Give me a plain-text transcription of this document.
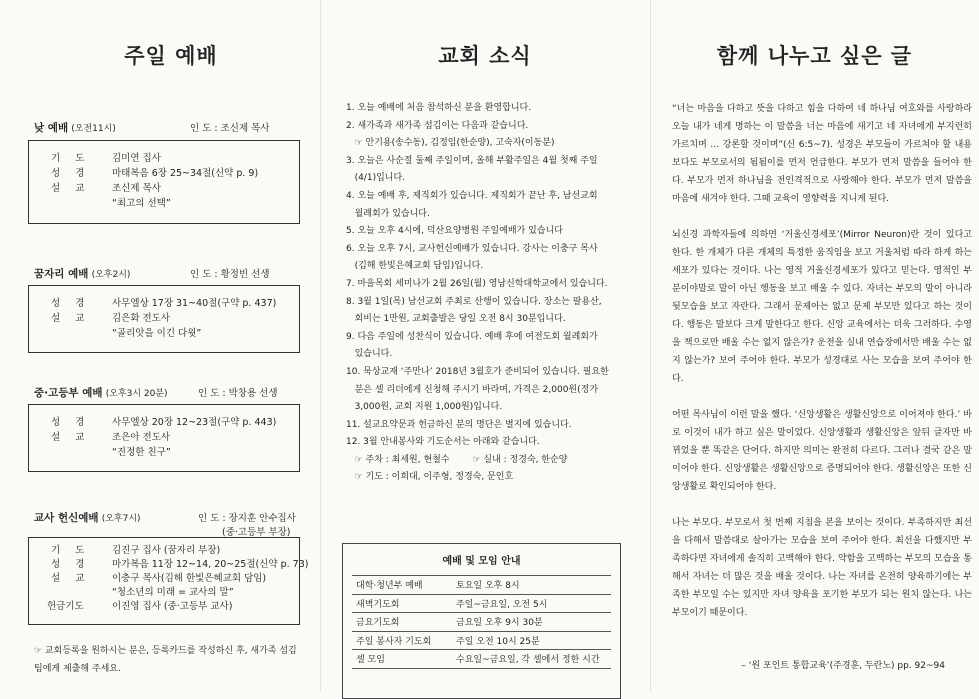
주일 예배
낮 예배 (오전11시)	인 도 : 조신제 목사
기 도 김미연 집사
성 경 마태복음 6장 25~34절(신약 p. 9)
설 교 조신제 목사
“최고의 선택”
꿈자리 예배 (오후2시)	인 도 : 황정빈 선생
성 경 사무엘상 17장 31~40절(구약 p. 437)
설 교 김은화 전도사
“골리앗을 이긴 다윗”
중·고등부 예배 (오후3시 20분)	인 도 : 박창용 선생
성 경 사무엘상 20장 12~23절(구약 p. 443)
설 교 조은아 전도사
“진정한 친구”
교사 헌신예배 (오후7시)	인 도 : 장지훈 안수집사
(중·고등부 부장)
기 도 김진구 집사 (꿈자리 부장)
성 경 마가복음 11장 12~14, 20~25절(신약 p. 73)
설 교 이충구 목사(김해 한빛은혜교회 담임)
“청소년의 미래 = 교사의 말”
헌금기도	이진영 집사 (중·고등부 교사)
☞ 교회등록을 원하시는 분은, 등록카드를 작성하신 후, 새가족 섬김팀에게 제출해 주세요.
교회 소식
1. 오늘 예배에 처음 참석하신 분을 환영합니다.
2. 새가족과 새가족 섬김이는 다음과 같습니다.
☞ 안기용(송수동), 김정임(한순양), 고숙자(이동분)
3. 오늘은 사순절 둘째 주일이며, 올해 부활주일은 4월 첫째 주일
(4/1)입니다.
4. 오늘 예배 후, 제직회가 있습니다. 제직회가 끝난 후, 남선교회
월례회가 있습니다.
5. 오늘 오후 4시에, 덕산요양병원 주일예배가 있습니다
6. 오늘 오후 7시, 교사헌신예배가 있습니다. 강사는 이충구 목사
(김해 한빛은혜교회 담임)입니다.
7. 마을목회 세미나가 2월 26일(월) 영남신학대학교에서 있습니다.
8. 3월 1일(목) 남선교회 주최로 산행이 있습니다. 장소는 팔용산,
회비는 1만원, 교회출발은 당일 오전 8시 30분입니다.
9. 다음 주일에 성찬식이 있습니다. 예배 후에 여전도회 월례회가
있습니다.
10. 묵상교재 ‘주만나’ 2018년 3월호가 준비되어 있습니다. 필요한
분은 셀 리더에게 신청해 주시기 바라며, 가격은 2,000원(정가
3,000원, 교회 지원 1,000원)입니다.
11. 설교요약문과 헌금하신 분의 명단은 별지에 있습니다.
12. 3월 안내봉사와 기도순서는 아래와 같습니다.
☞ 주차 : 최세원, 현철수        ☞ 실내 : 정경숙, 한순양
☞ 기도 : 이희대, 이주형, 정경숙, 문인호
예배 및 모임 안내
대학·청년부 예배	토요일 오후 8시
새벽기도회	주일~금요일, 오전 5시
금요기도회	금요일 오후 9시 30분
주일 봉사자 기도회	주일 오전 10시 25분
셀 모임	수요일~금요일, 각 셀에서 정한 시간
함께 나누고 싶은 글

“너는 마음을 다하고 뜻을 다하고 힘을 다하여 네 하나님 여호와를 사랑하라 오늘 내가 네게 명하는 이 말씀을 너는 마음에 새기고 네 자녀에게 부지런히 가르치며 … 강론할 것이며”(신 6:5~7). 성경은 부모들이 가르쳐야 할 내용보다도 부모로서의 됨됨이를 먼저 언급한다. 부모가 먼저 말씀을 들어야 한다. 부모가 먼저 하나님을 전인격적으로 사랑해야 한다. 부모가 먼저 말씀을 마음에 새겨야 한다. 그때 교육이 영향력을 지니게 된다.

뇌신경 과학자들에 의하면 ‘거울신경세포’(Mirror Neuron)란 것이 있다고 한다. 한 개체가 다른 개체의 특정한 움직임을 보고 거울처럼 따라 하게 하는 세포가 있다는 것이다. 나는 영적 거울신경세포가 있다고 믿는다. 영적인 부분이야말로 말이 아닌 행동을 보고 배울 수 있다. 자녀는 부모의 말이 아니라 뒷모습을 보고 자란다. 그래서 문제아는 없고 문제 부모만 있다고 하는 것이다. 행동은 말보다 크게 말한다고 한다. 신앙 교육에서는 더욱 그러하다. 수영을 책으로만 배울 수는 없지 않은가? 운전을 실내 연습장에서만 배울 수는 없지 않는가? 보여 주어야 한다. 부모가 성경대로 사는 모습을 보여 주어야 한다.

어떤 목사님이 이런 말을 했다. ‘신앙생활은 생활신앙으로 이어져야 한다.’ 바로 이것이 내가 하고 싶은 말이었다. 신앙생활과 생활신앙은 앞뒤 글자만 바뀌었을 뿐 똑같은 단어다. 하지만 의미는 완전히 다르다. 그러나 결국 같은 말이어야 한다. 신앙생활은 생활신앙으로 증명되어야 한다. 생활신앙은 또한 신앙생활로 확인되어야 한다.

나는 부모다. 부모로서 첫 번째 지침을 본을 보이는 것이다. 부족하지만 최선을 다해서 말씀대로 살아가는 모습을 보여 주어야 한다. 최선을 다했지만 부족하다면 자녀에게 솔직히 고백해야 한다. 약함을 고백하는 부모의 모습을 통해서 자녀는 더 많은 것을 배울 것이다. 나는 자녀를 온전히 양육하기에는 부족한 부모일 수는 있지만 자녀 양육을 포기한 부모가 되는 원치 않는다. 나는 부모이기 때문이다.

– ‘원 포인트 통합교육’(주경훈, 두란노) pp. 92~94
